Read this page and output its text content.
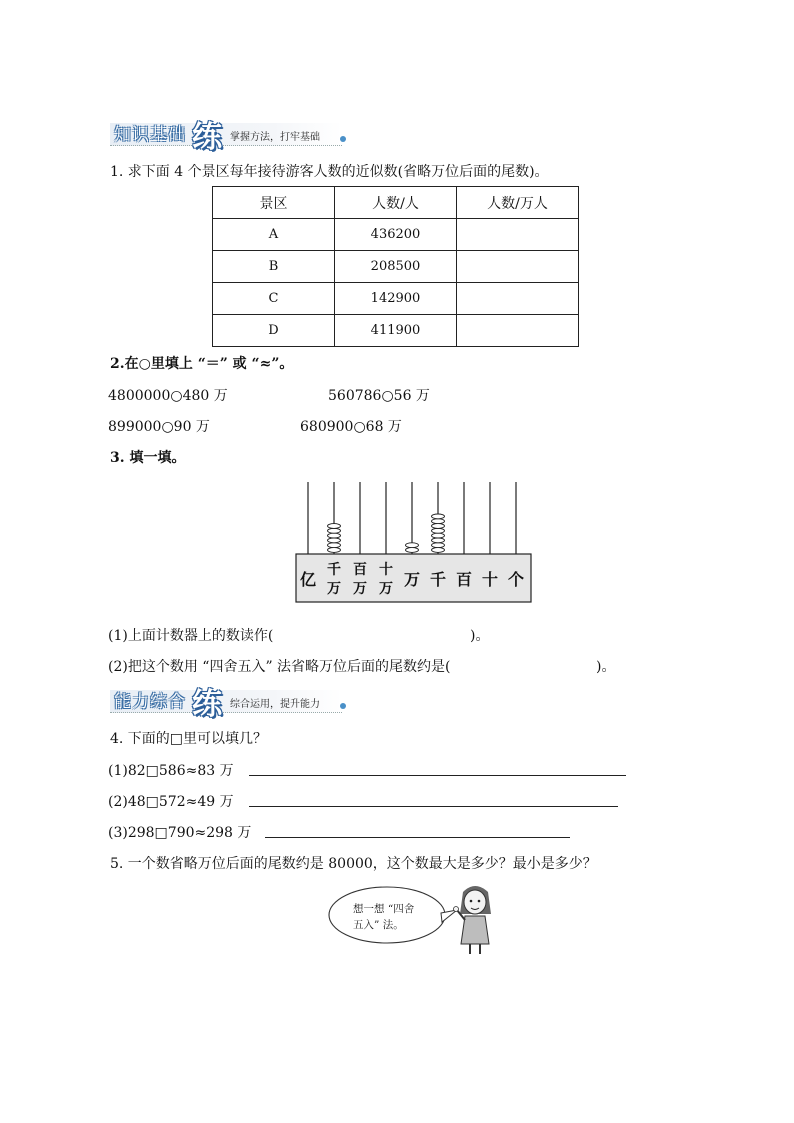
知识基础 练 掌握方法，打牢基础
1. 求下面 4 个景区每年接待游客人数的近似数(省略万位后面的尾数)。
景区	人数/人	人数/万人
A	436200	
B	208500	
C	142900	
D	411900	
2.在○里填上 “＝” 或 “≈”。
4800000○480 万	560786○56 万
899000○90 万	680900○68 万
3. 填一填。
亿 千万
百万
十万 万 千 百 十 个
(1)上面计数器上的数读作(	)。
(2)把这个数用 “四舍五入” 法省略万位后面的尾数约是(	)。
能力综合 练 综合运用，提升能力
4. 下面的□里可以填几？
(1)82□586≈83 万
(2)48□572≈49 万
(3)298□790≈298 万
5. 一个数省略万位后面的尾数约是 80000，这个数最大是多少？最小是多少？
想一想 “四舍
五入” 法。
